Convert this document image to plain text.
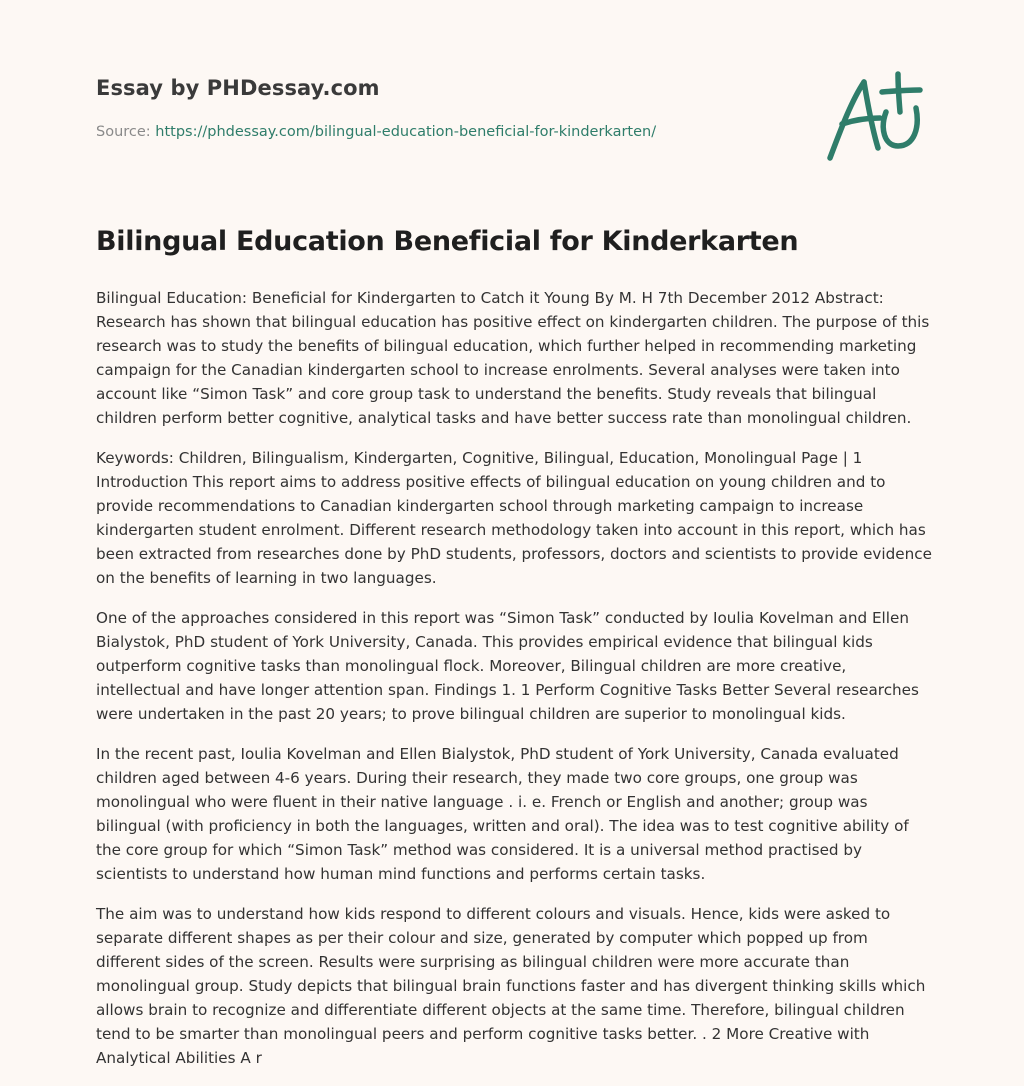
Essay by PHDessay.com
Source: https://phdessay.com/bilingual-education-beneficial-for-kinderkarten/
Bilingual Education Beneficial for Kinderkarten

Bilingual Education: Beneficial for Kindergarten to Catch it Young By M. H 7th December 2012 Abstract: Research has shown that bilingual education has positive effect on kindergarten children. The purpose of this research was to study the benefits of bilingual education, which further helped in recommending marketing campaign for the Canadian kindergarten school to increase enrolments. Several analyses were taken into account like “Simon Task” and core group task to understand the benefits. Study reveals that bilingual children perform better cognitive, analytical tasks and have better success rate than monolingual children.

Keywords: Children, Bilingualism, Kindergarten, Cognitive, Bilingual, Education, Monolingual Page | 1 Introduction This report aims to address positive effects of bilingual education on young children and to provide recommendations to Canadian kindergarten school through marketing campaign to increase kindergarten student enrolment. Different research methodology taken into account in this report, which has been extracted from researches done by PhD students, professors, doctors and scientists to provide evidence on the benefits of learning in two languages.

One of the approaches considered in this report was “Simon Task” conducted by Ioulia Kovelman and Ellen Bialystok, PhD student of York University, Canada. This provides empirical evidence that bilingual kids outperform cognitive tasks than monolingual flock. Moreover, Bilingual children are more creative, intellectual and have longer attention span. Findings 1. 1 Perform Cognitive Tasks Better Several researches were undertaken in the past 20 years; to prove bilingual children are superior to monolingual kids.

In the recent past, Ioulia Kovelman and Ellen Bialystok, PhD student of York University, Canada evaluated children aged between 4-6 years. During their research, they made two core groups, one group was monolingual who were fluent in their native language . i. e. French or English and another; group was bilingual (with proficiency in both the languages, written and oral). The idea was to test cognitive ability of the core group for which “Simon Task” method was considered. It is a universal method practised by scientists to understand how human mind functions and performs certain tasks.

The aim was to understand how kids respond to different colours and visuals. Hence, kids were asked to separate different shapes as per their colour and size, generated by computer which popped up from different sides of the screen. Results were surprising as bilingual children were more accurate than monolingual group. Study depicts that bilingual brain functions faster and has divergent thinking skills which allows brain to recognize and differentiate different objects at the same time. Therefore, bilingual children tend to be smarter than monolingual peers and perform cognitive tasks better. . 2 More Creative with Analytical Abilities A r
